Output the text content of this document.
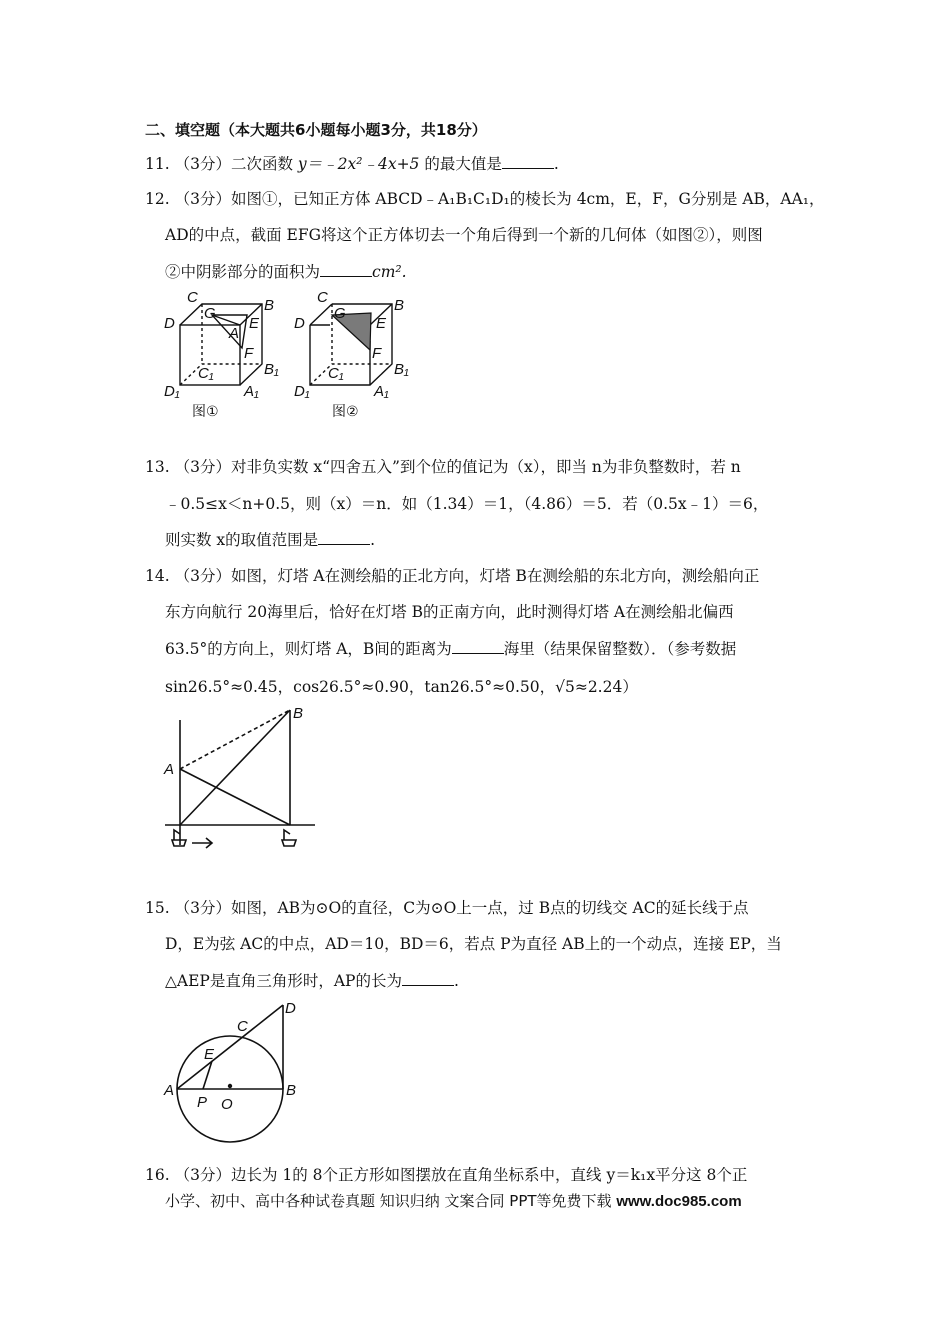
二、填空题（本大题共6小题每小题3分，共18分）
11. （3分）二次函数 y＝﹣2x²﹣4x+5 的最大值是	.
12. （3分）如图①，已知正方体 ABCD﹣A₁B₁C₁D₁的棱长为 4cm，E，F，G分别是 AB，AA₁，
AD的中点，截面 EFG将这个正方体切去一个角后得到一个新的几何体（如图②），则图
②中阴影部分的面积为	cm².
C	B
D
G
E
A
F
C₁	B₁
D₁	A₁
C	B
D
G
E
F
C₁	B₁
D₁	A₁
图①	图②
13. （3分）对非负实数 x“四舍五入”到个位的值记为（x），即当 n为非负整数时，若 n
﹣0.5≤x＜n+0.5，则（x）＝n．如（1.34）＝1，（4.86）＝5．若（0.5x﹣1）＝6，
则实数 x的取值范围是	.
14. （3分）如图，灯塔 A在测绘船的正北方向，灯塔 B在测绘船的东北方向，测绘船向正
东方向航行 20海里后，恰好在灯塔 B的正南方向，此时测得灯塔 A在测绘船北偏西
63.5°的方向上，则灯塔 A，B间的距离为	海里（结果保留整数）．（参考数据
sin26.5°≈0.45，cos26.5°≈0.90，tan26.5°≈0.50，√5≈2.24）
B
A
15. （3分）如图，AB为⊙O的直径，C为⊙O上一点，过 B点的切线交 AC的延长线于点
D，E为弦 AC的中点，AD＝10，BD＝6，若点 P为直径 AB上的一个动点，连接 EP，当
△AEP是直角三角形时，AP的长为	.
D
C
E
A
P O
B
16. （3分）边长为 1的 8个正方形如图摆放在直角坐标系中，直线 y＝k₁x平分这 8个正
小学、初中、高中各种试卷真题 知识归纳 文案合同 PPT等免费下载 www.doc985.com
